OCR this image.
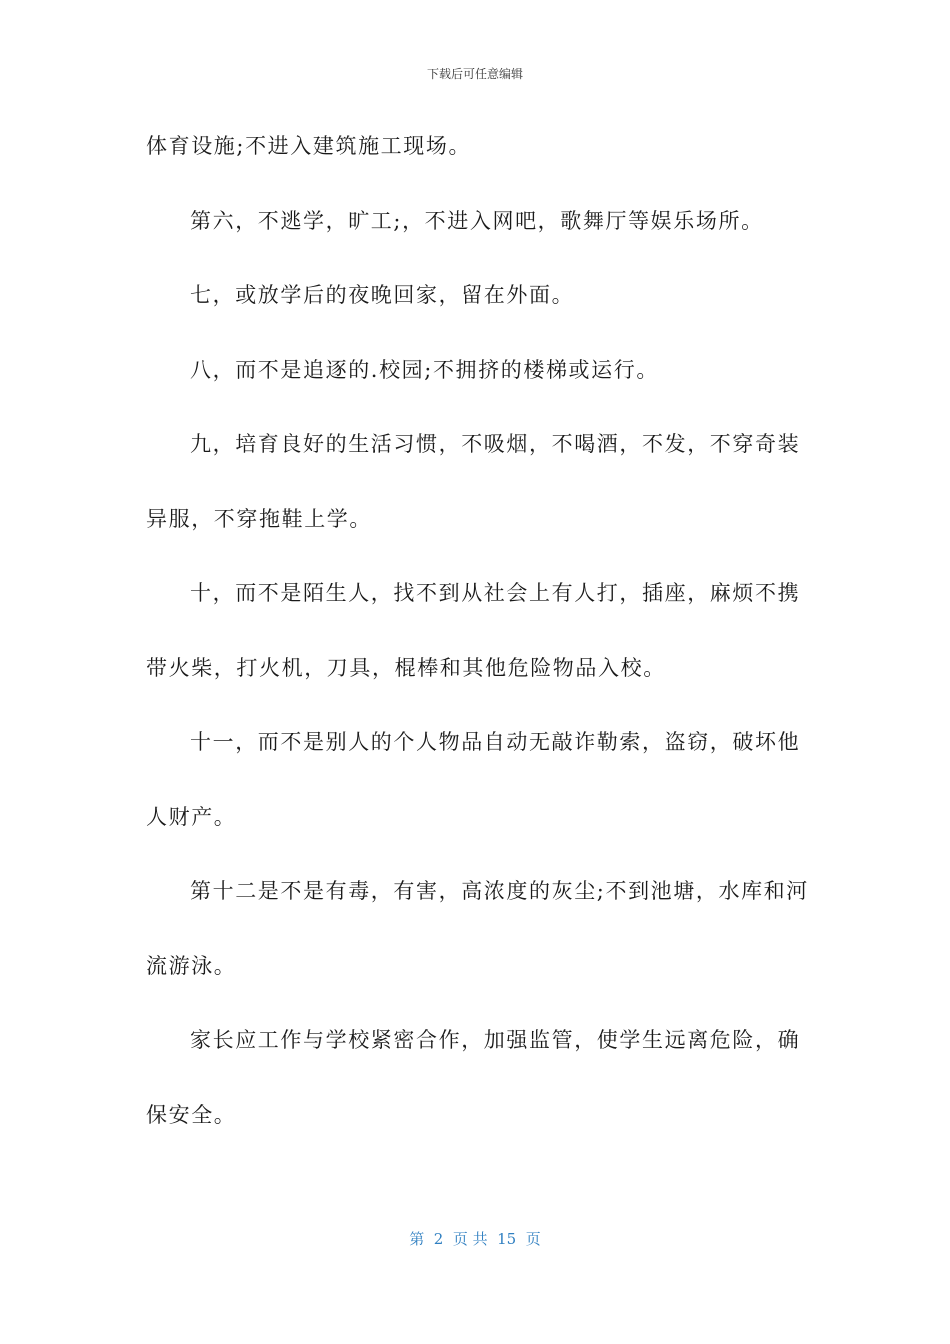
下载后可任意编辑
体育设施;不进入建筑施工现场。
第六，不逃学，旷工;，不进入网吧，歌舞厅等娱乐场所。
七，或放学后的夜晚回家，留在外面。
八，而不是追逐的.校园;不拥挤的楼梯或运行。
九，培育良好的生活习惯，不吸烟，不喝酒，不发，不穿奇装
异服，不穿拖鞋上学。
十，而不是陌生人，找不到从社会上有人打，插座，麻烦不携
带火柴，打火机，刀具，棍棒和其他危险物品入校。
十一，而不是别人的个人物品自动无敲诈勒索，盗窃，破坏他
人财产。
第十二是不是有毒，有害，高浓度的灰尘;不到池塘，水库和河
流游泳。
家长应工作与学校紧密合作，加强监管，使学生远离危险，确
保安全。
第  2  页 共  15  页
